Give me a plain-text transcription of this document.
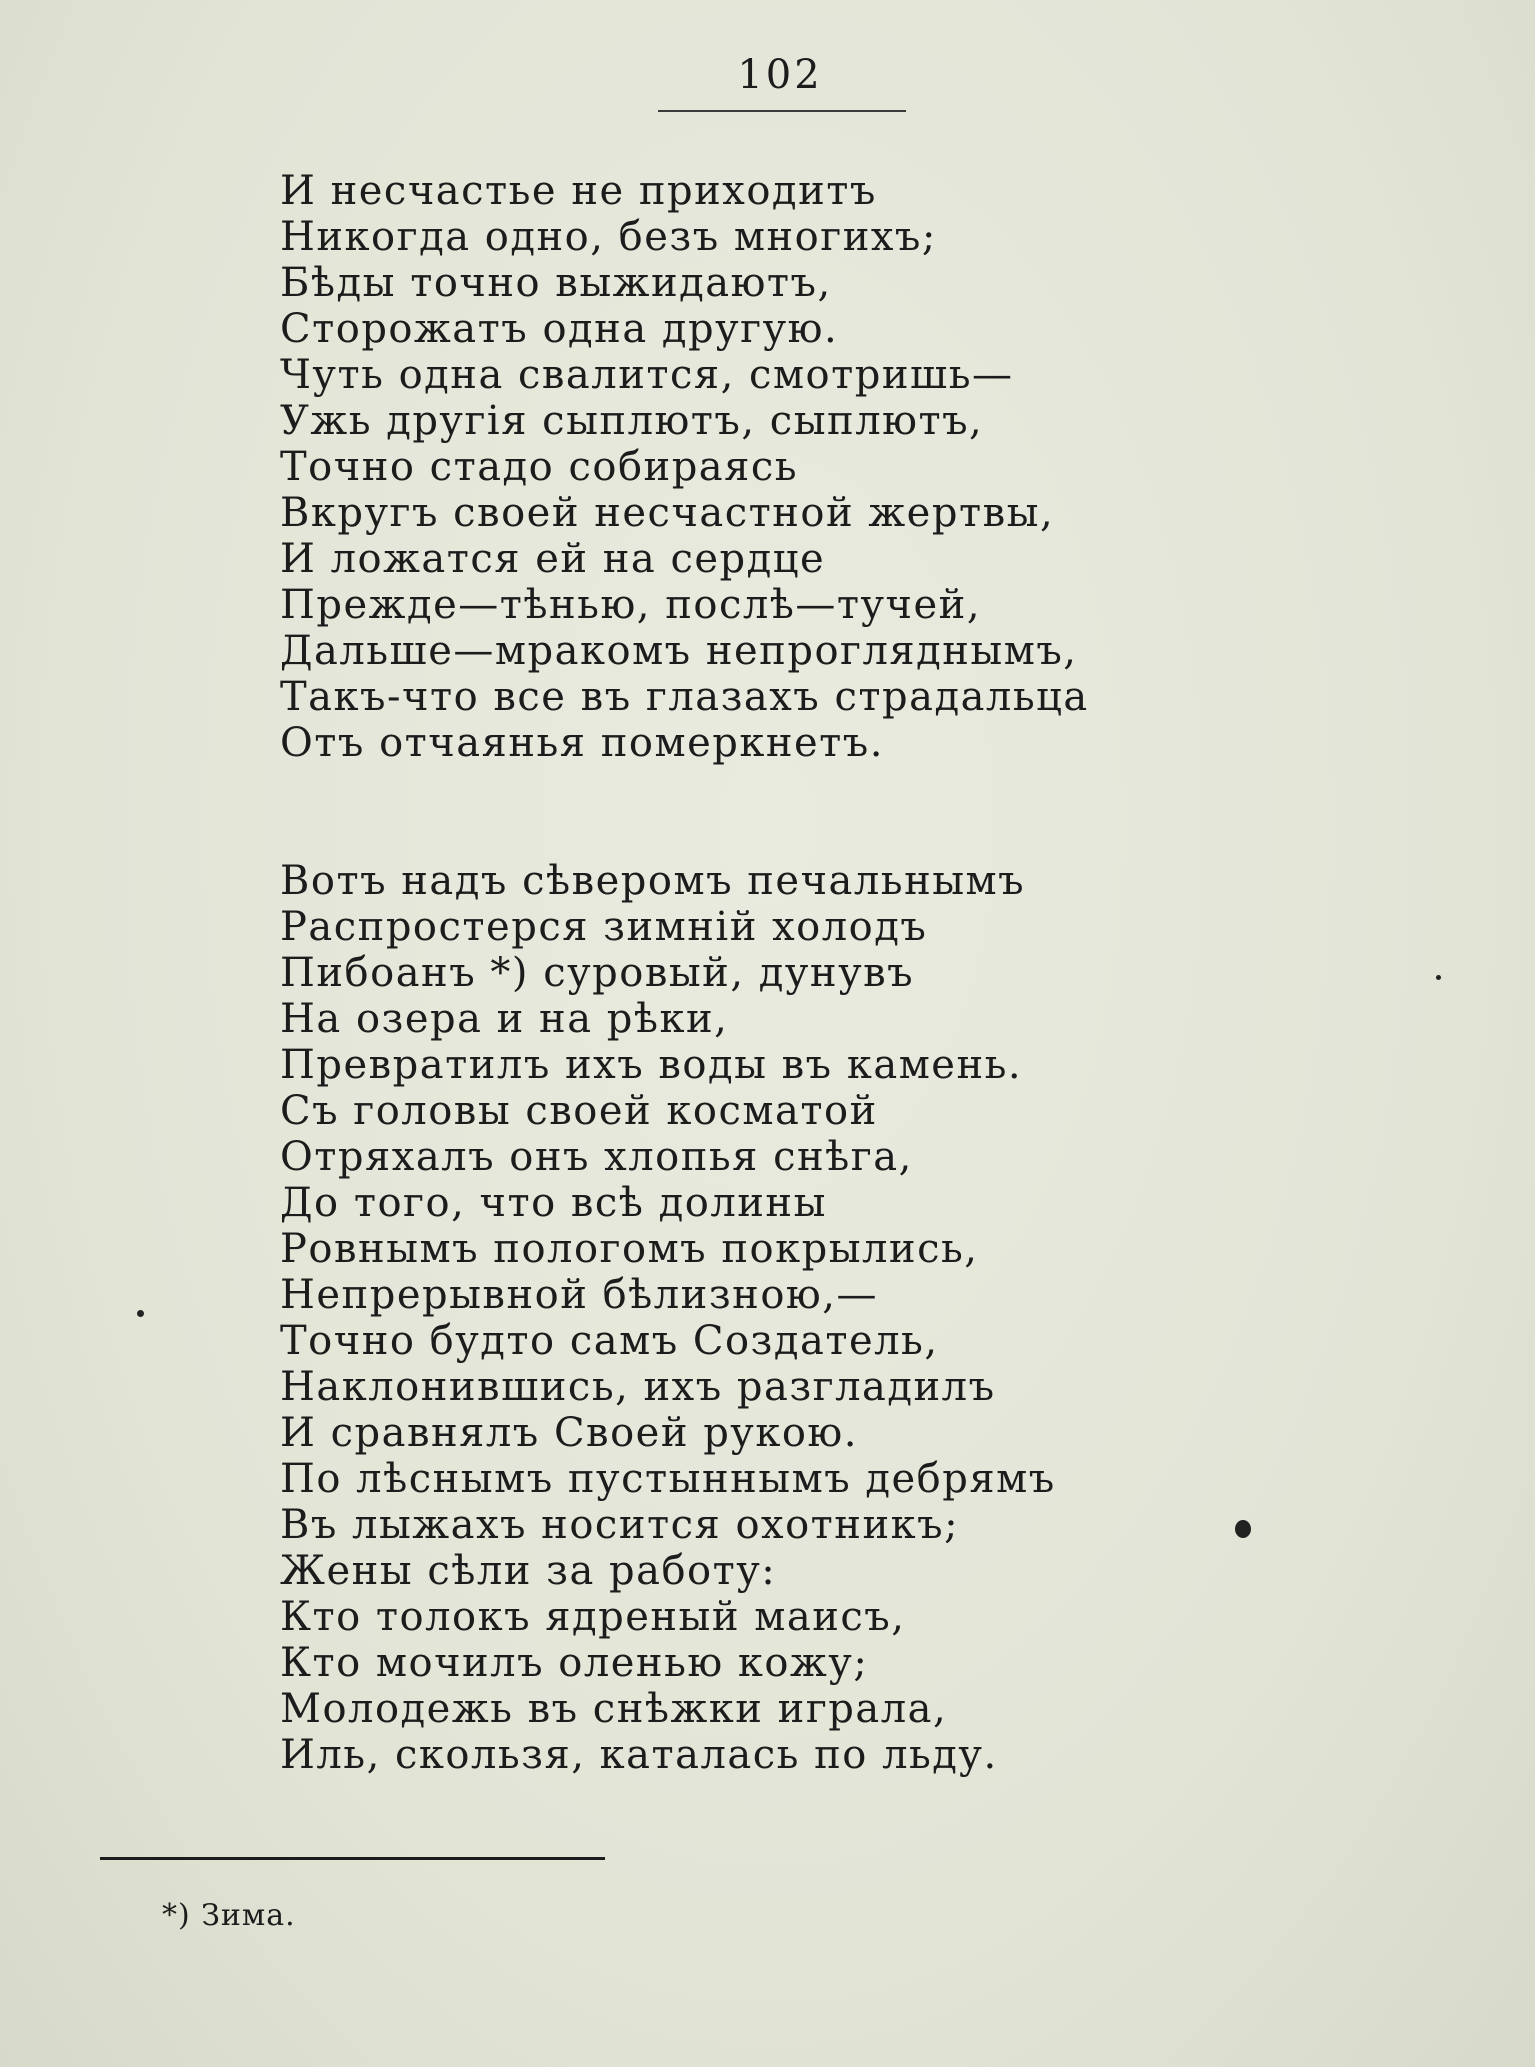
102
И несчастье не приходитъ
Никогда одно, безъ многихъ;
Бѣды точно выжидаютъ,
Сторожатъ одна другую.
Чуть одна свалится, смотришь—
Ужь другія сыплютъ, сыплютъ,
Точно стадо собираясь
Вкругъ своей несчастной жертвы,
И ложатся ей на сердце
Прежде—тѣнью, послѣ—тучей,
Дальше—мракомъ непрогляднымъ,
Такъ-что все въ глазахъ страдальца
Отъ отчаянья померкнетъ.
Вотъ надъ сѣверомъ печальнымъ
Распростерся зимній холодъ
Пибоанъ *) суровый, дунувъ
На озера и на рѣки,
Превратилъ ихъ воды въ камень.
Съ головы своей косматой
Отряхалъ онъ хлопья снѣга,
До того, что всѣ долины
Ровнымъ пологомъ покрылись,
Непрерывной бѣлизною,—
Точно будто самъ Создатель,
Наклонившись, ихъ разгладилъ
И сравнялъ Своей рукою.
По лѣснымъ пустыннымъ дебрямъ
Въ лыжахъ носится охотникъ;
Жены сѣли за работу:
Кто толокъ ядреный маисъ,
Кто мочилъ оленью кожу;
Молодежь въ снѣжки играла,
Иль, скользя, каталась по льду.
*) Зима.
